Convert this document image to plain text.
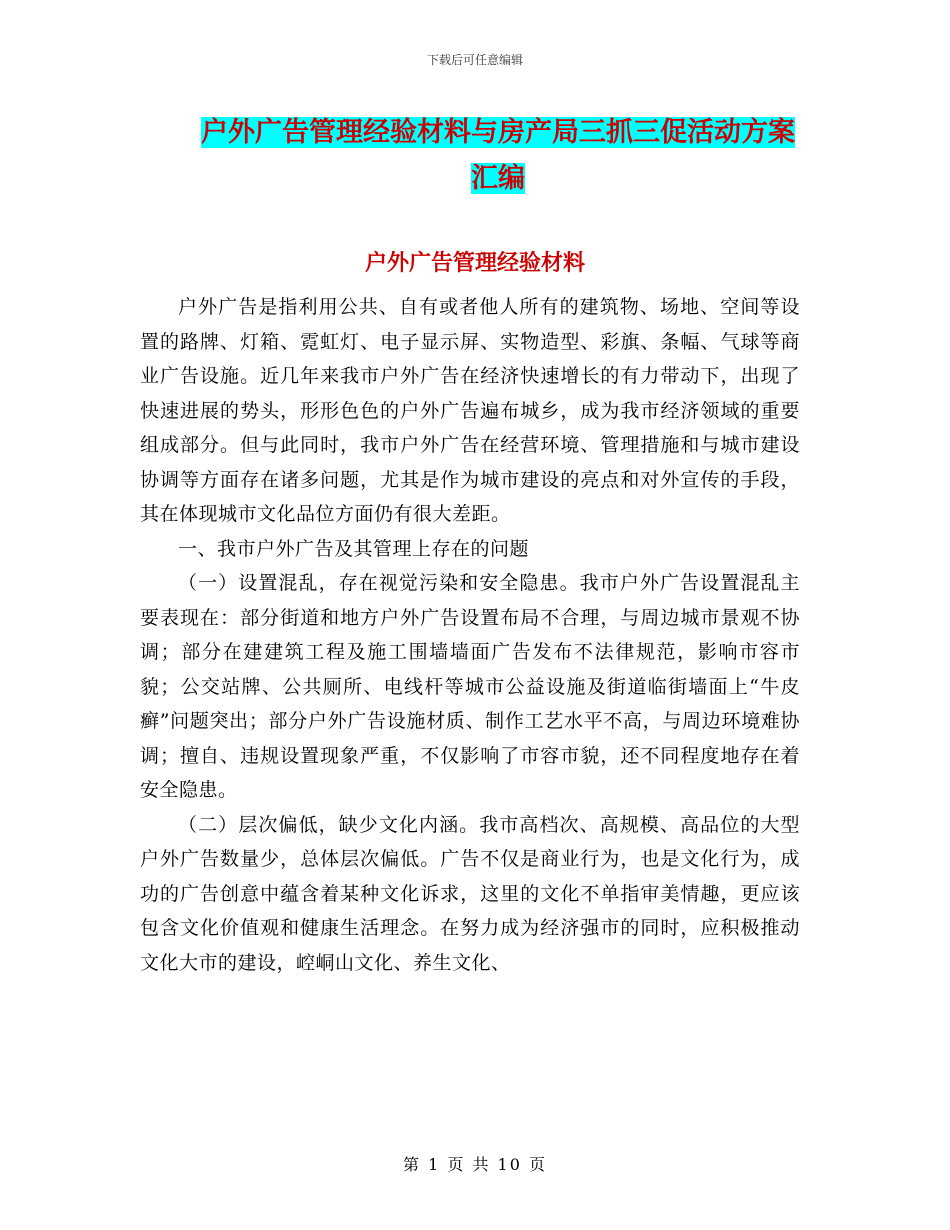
下载后可任意编辑
户外广告管理经验材料与房产局三抓三促活动方案汇编
户外广告管理经验材料

户外广告是指利用公共、自有或者他人所有的建筑物、场地、空间等设置的路牌、灯箱、霓虹灯、电子显示屏、实物造型、彩旗、条幅、气球等商业广告设施。近几年来我市户外广告在经济快速增长的有力带动下，出现了快速进展的势头，形形色色的户外广告遍布城乡，成为我市经济领域的重要组成部分。但与此同时，我市户外广告在经营环境、管理措施和与城市建设协调等方面存在诸多问题，尤其是作为城市建设的亮点和对外宣传的手段，其在体现城市文化品位方面仍有很大差距。

一、我市户外广告及其管理上存在的问题

（一）设置混乱，存在视觉污染和安全隐患。我市户外广告设置混乱主要表现在：部分街道和地方户外广告设置布局不合理，与周边城市景观不协调；部分在建建筑工程及施工围墙墙面广告发布不法律规范，影响市容市貌；公交站牌、公共厕所、电线杆等城市公益设施及街道临街墙面上“牛皮癣”问题突出；部分户外广告设施材质、制作工艺水平不高，与周边环境难协调；擅自、违规设置现象严重，不仅影响了市容市貌，还不同程度地存在着安全隐患。

（二）层次偏低，缺少文化内涵。我市高档次、高规模、高品位的大型户外广告数量少，总体层次偏低。广告不仅是商业行为，也是文化行为，成功的广告创意中蕴含着某种文化诉求，这里的文化不单指审美情趣，更应该包含文化价值观和健康生活理念。在努力成为经济强市的同时，应积极推动文化大市的建设，崆峒山文化、养生文化、

第 1 页 共 10 页
